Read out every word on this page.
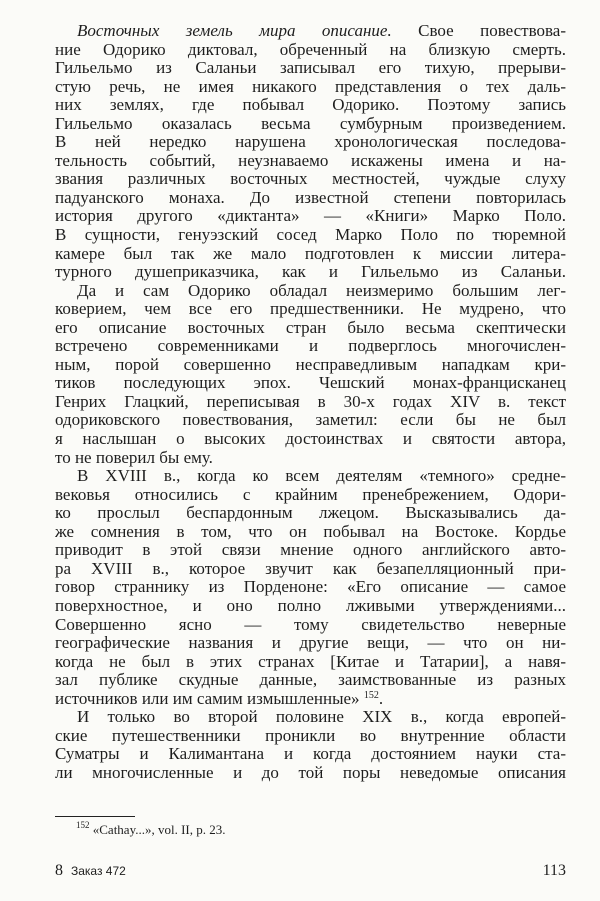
Восточных земель мира описание. Свое повествова-
ние Одорико диктовал, обреченный на близкую смерть.
Гильельмо из Саланьи записывал его тихую, прерыви-
стую речь, не имея никакого представления о тех даль-
них землях, где побывал Одорико. Поэтому запись
Гильельмо оказалась весьма сумбурным произведением.
В ней нередко нарушена хронологическая последова-
тельность событий, неузнаваемо искажены имена и на-
звания различных восточных местностей, чуждые слуху
падуанского монаха. До известной степени повторилась
история другого «диктанта» — «Книги» Марко Поло.
В сущности, генуэзский сосед Марко Поло по тюремной
камере был так же мало подготовлен к миссии литера-
турного душеприказчика, как и Гильельмо из Саланьи.
Да и сам Одорико обладал неизмеримо большим лег-
коверием, чем все его предшественники. Не мудрено, что
его описание восточных стран было весьма скептически
встречено современниками и подверглось многочислен-
ным, порой совершенно несправедливым нападкам кри-
тиков последующих эпох. Чешский монах-францисканец
Генрих Глацкий, переписывая в 30-х годах XIV в. текст
одориковского повествования, заметил: если бы не был
я наслышан о высоких достоинствах и святости автора,
то не поверил бы ему.
В XVIII в., когда ко всем деятелям «темного» средне-
вековья относились с крайним пренебрежением, Одори-
ко прослыл беспардонным лжецом. Высказывались да-
же сомнения в том, что он побывал на Востоке. Кордье
приводит в этой связи мнение одного английского авто-
ра XVIII в., которое звучит как безапелляционный при-
говор страннику из Порденоне: «Его описание — самое
поверхностное, и оно полно лживыми утверждениями...
Совершенно ясно — тому свидетельство неверные
географические названия и другие вещи, — что он ни-
когда не был в этих странах [Китае и Татарии], а навя-
зал публике скудные данные, заимствованные из разных
источников или им самим измышленные» $^{152}$.
И только во второй половине XIX в., когда европей-
ские путешественники проникли во внутренние области
Суматры и Калимантана и когда достоянием науки ста-
ли многочисленные и до той поры неведомые описания
$^{152}$ «Cathay...», vol. II, p. 23.
8 Заказ 472	113
